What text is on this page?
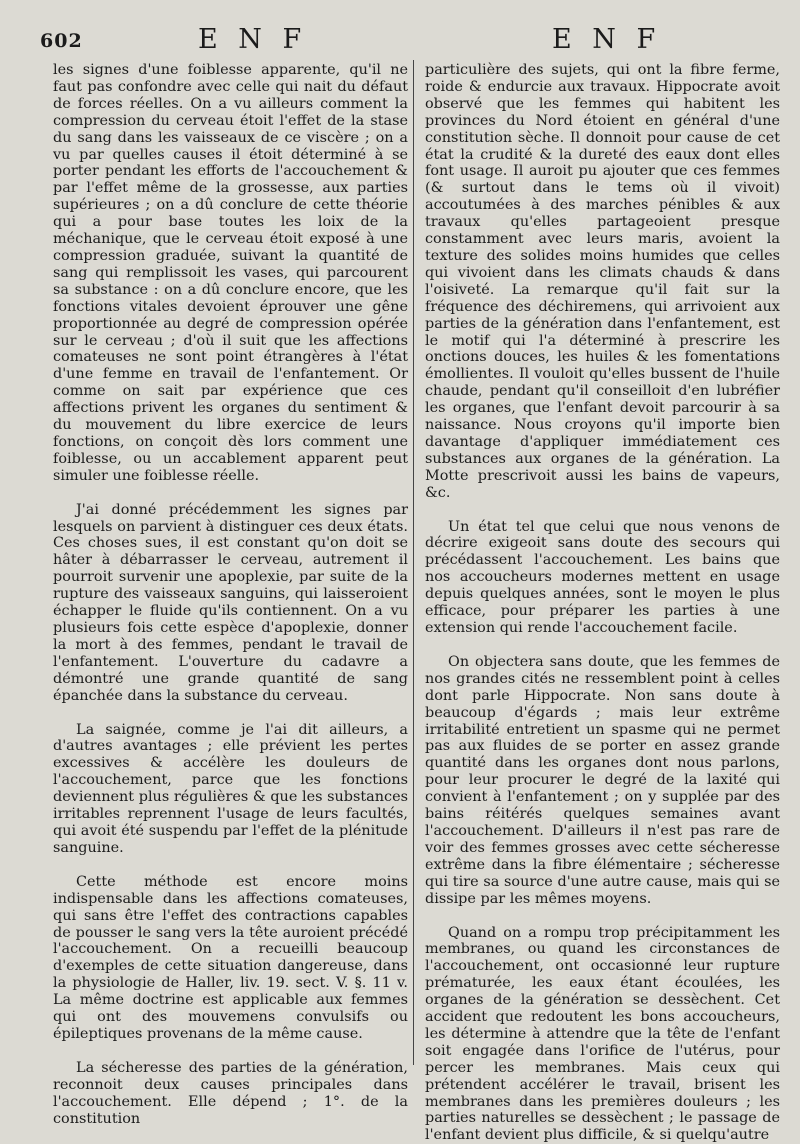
602	E N F	E N F

les signes d'une foiblesse apparente, qu'il ne faut pas confondre avec celle qui nait du défaut de forces réelles. On a vu ailleurs comment la compression du cerveau étoit l'effet de la stase du sang dans les vaisseaux de ce viscère ; on a vu par quelles causes il étoit déterminé à se porter pendant les efforts de l'accouchement & par l'effet même de la grossesse, aux parties supérieures ; on a dû conclure de cette théorie qui a pour base toutes les loix de la méchanique, que le cerveau étoit exposé à une compression graduée, suivant la quantité de sang qui remplissoit les vases, qui parcourent sa substance : on a dû conclure encore, que les fonctions vitales devoient éprouver une gêne proportionnée au degré de compression opérée sur le cerveau ; d'où il suit que les affections comateuses ne sont point étrangères à l'état d'une femme en travail de l'enfantement. Or comme on sait par expérience que ces affections privent les organes du sentiment & du mouvement du libre exercice de leurs fonctions, on conçoit dès lors comment une foiblesse, ou un accablement apparent peut simuler une foiblesse réelle.

J'ai donné précédemment les signes par lesquels on parvient à distinguer ces deux états. Ces choses sues, il est constant qu'on doit se hâter à débarrasser le cerveau, autrement il pourroit survenir une apoplexie, par suite de la rupture des vaisseaux sanguins, qui laisseroient échapper le fluide qu'ils contiennent. On a vu plusieurs fois cette espèce d'apoplexie, donner la mort à des femmes, pendant le travail de l'enfantement. L'ouverture du cadavre a démontré une grande quantité de sang épanchée dans la substance du cerveau.

La saignée, comme je l'ai dit ailleurs, a d'autres avantages ; elle prévient les pertes excessives & accélère les douleurs de l'accouchement, parce que les fonctions deviennent plus régulières & que les substances irritables reprennent l'usage de leurs facultés, qui avoit été suspendu par l'effet de la plénitude sanguine.

Cette méthode est encore moins indispensable dans les affections comateuses, qui sans être l'effet des contractions capables de pousser le sang vers la tête auroient précédé l'accouchement. On a recueilli beaucoup d'exemples de cette situation dangereuse, dans la physiologie de Haller, liv. 19. sect. V. §. 11 v. La même doctrine est applicable aux femmes qui ont des mouvemens convulsifs ou épileptiques provenans de la même cause.

La sécheresse des parties de la génération, reconnoit deux causes principales dans l'accouchement. Elle dépend ; 1°. de la constitution

particulière des sujets, qui ont la fibre ferme, roide & endurcie aux travaux. Hippocrate avoit observé que les femmes qui habitent les provinces du Nord étoient en général d'une constitution sèche. Il donnoit pour cause de cet état la crudité & la dureté des eaux dont elles font usage. Il auroit pu ajouter que ces femmes (& surtout dans le tems où il vivoit) accoutumées à des marches pénibles & aux travaux qu'elles partageoient presque constamment avec leurs maris, avoient la texture des solides moins humides que celles qui vivoient dans les climats chauds & dans l'oisiveté. La remarque qu'il fait sur la fréquence des déchiremens, qui arrivoient aux parties de la génération dans l'enfantement, est le motif qui l'a déterminé à prescrire les onctions douces, les huiles & les fomentations émollientes. Il vouloit qu'elles bussent de l'huile chaude, pendant qu'il conseilloit d'en lubréfier les organes, que l'enfant devoit parcourir à sa naissance. Nous croyons qu'il importe bien davantage d'appliquer immédiatement ces substances aux organes de la génération. La Motte prescrivoit aussi les bains de vapeurs, &c.

Un état tel que celui que nous venons de décrire exigeoit sans doute des secours qui précédassent l'accouchement. Les bains que nos accoucheurs modernes mettent en usage depuis quelques années, sont le moyen le plus efficace, pour préparer les parties à une extension qui rende l'accouchement facile.

On objectera sans doute, que les femmes de nos grandes cités ne ressemblent point à celles dont parle Hippocrate. Non sans doute à beaucoup d'égards ; mais leur extrême irritabilité entretient un spasme qui ne permet pas aux fluides de se porter en assez grande quantité dans les organes dont nous parlons, pour leur procurer le degré de la laxité qui convient à l'enfantement ; on y supplée par des bains réitérés quelques semaines avant l'accouchement. D'ailleurs il n'est pas rare de voir des femmes grosses avec cette sécheresse extrême dans la fibre élémentaire ; sécheresse qui tire sa source d'une autre cause, mais qui se dissipe par les mêmes moyens.

Quand on a rompu trop précipitamment les membranes, ou quand les circonstances de l'accouchement, ont occasionné leur rupture prématurée, les eaux étant écoulées, les organes de la génération se dessèchent. Cet accident que redoutent les bons accoucheurs, les détermine à attendre que la tête de l'enfant soit engagée dans l'orifice de l'utérus, pour percer les membranes. Mais ceux qui prétendent accélérer le travail, brisent les membranes dans les premières douleurs ; les parties naturelles se dessèchent ; le passage de l'enfant devient plus difficile, & si quelqu'autre
